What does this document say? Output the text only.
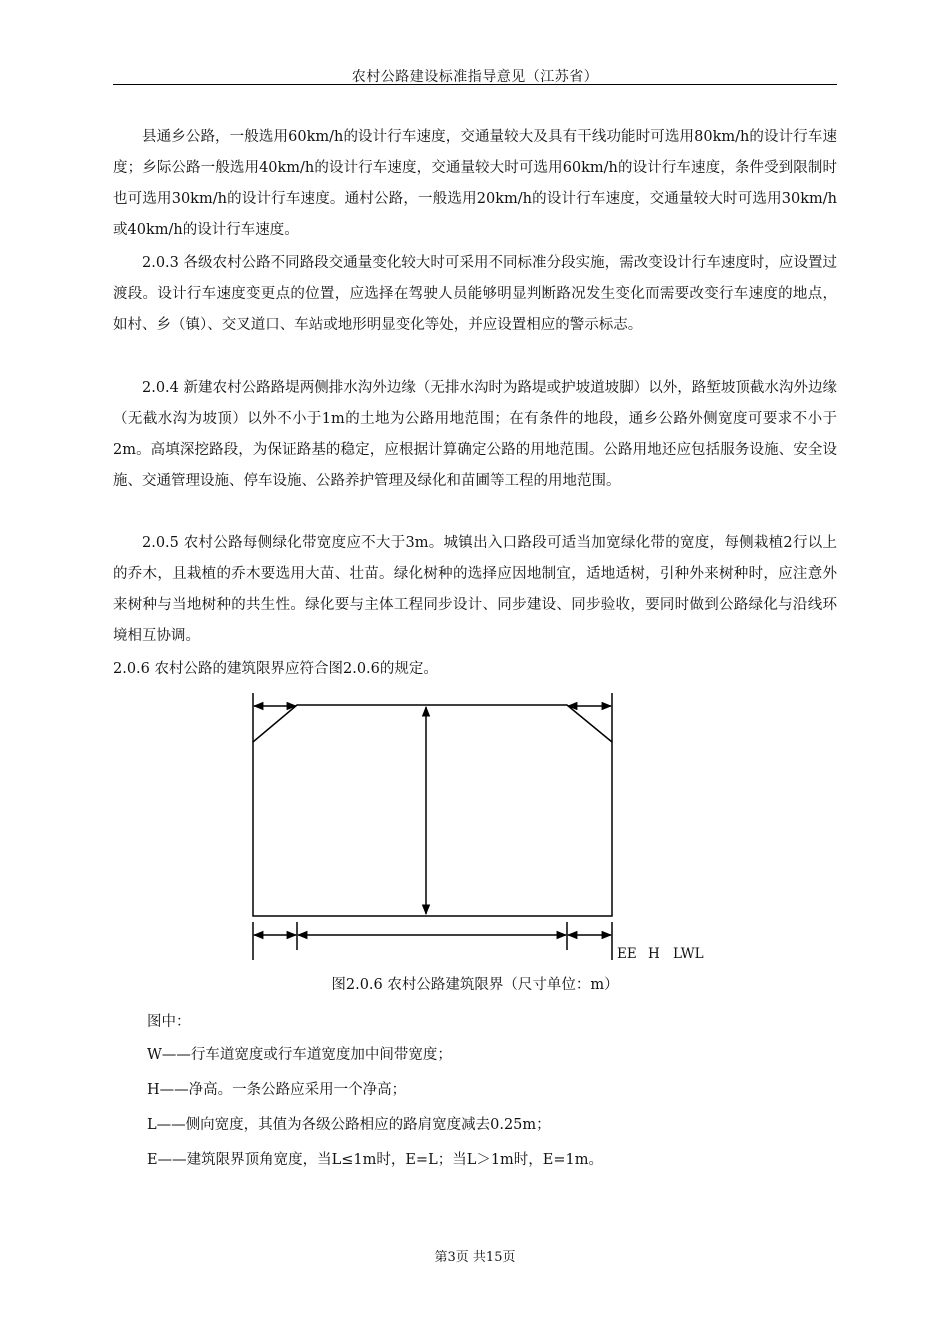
农村公路建设标准指导意见（江苏省）

县通乡公路，一般选用60km/h的设计行车速度，交通量较大及具有干线功能时可选用80km/h的设计行车速度；乡际公路一般选用40km/h的设计行车速度，交通量较大时可选用60km/h的设计行车速度，条件受到限制时也可选用30km/h的设计行车速度。通村公路，一般选用20km/h的设计行车速度，交通量较大时可选用30km/h或40km/h的设计行车速度。

2.0.3 各级农村公路不同路段交通量变化较大时可采用不同标准分段实施，需改变设计行车速度时，应设置过渡段。设计行车速度变更点的位置，应选择在驾驶人员能够明显判断路况发生变化而需要改变行车速度的地点，如村、乡（镇）、交叉道口、车站或地形明显变化等处，并应设置相应的警示标志。

2.0.4 新建农村公路路堤两侧排水沟外边缘（无排水沟时为路堤或护坡道坡脚）以外，路堑坡顶截水沟外边缘（无截水沟为坡顶）以外不小于1m的土地为公路用地范围；在有条件的地段，通乡公路外侧宽度可要求不小于2m。高填深挖路段，为保证路基的稳定，应根据计算确定公路的用地范围。公路用地还应包括服务设施、安全设施、交通管理设施、停车设施、公路养护管理及绿化和苗圃等工程的用地范围。

2.0.5 农村公路每侧绿化带宽度应不大于3m。城镇出入口路段可适当加宽绿化带的宽度，每侧栽植2行以上的乔木，且栽植的乔木要选用大苗、壮苗。绿化树种的选择应因地制宜，适地适树，引种外来树种时，应注意外来树种与当地树种的共生性。绿化要与主体工程同步设计、同步建设、同步验收，要同时做到公路绿化与沿线环境相互协调。

2.0.6 农村公路的建筑限界应符合图2.0.6的规定。

EE H LWL
图2.0.6 农村公路建筑限界（尺寸单位：m）
图中：
W——行车道宽度或行车道宽度加中间带宽度；
H——净高。一条公路应采用一个净高；
L——侧向宽度，其值为各级公路相应的路肩宽度减去0.25m；
E——建筑限界顶角宽度，当L≤1m时，E=L；当L＞1m时，E=1m。
第3页 共15页
